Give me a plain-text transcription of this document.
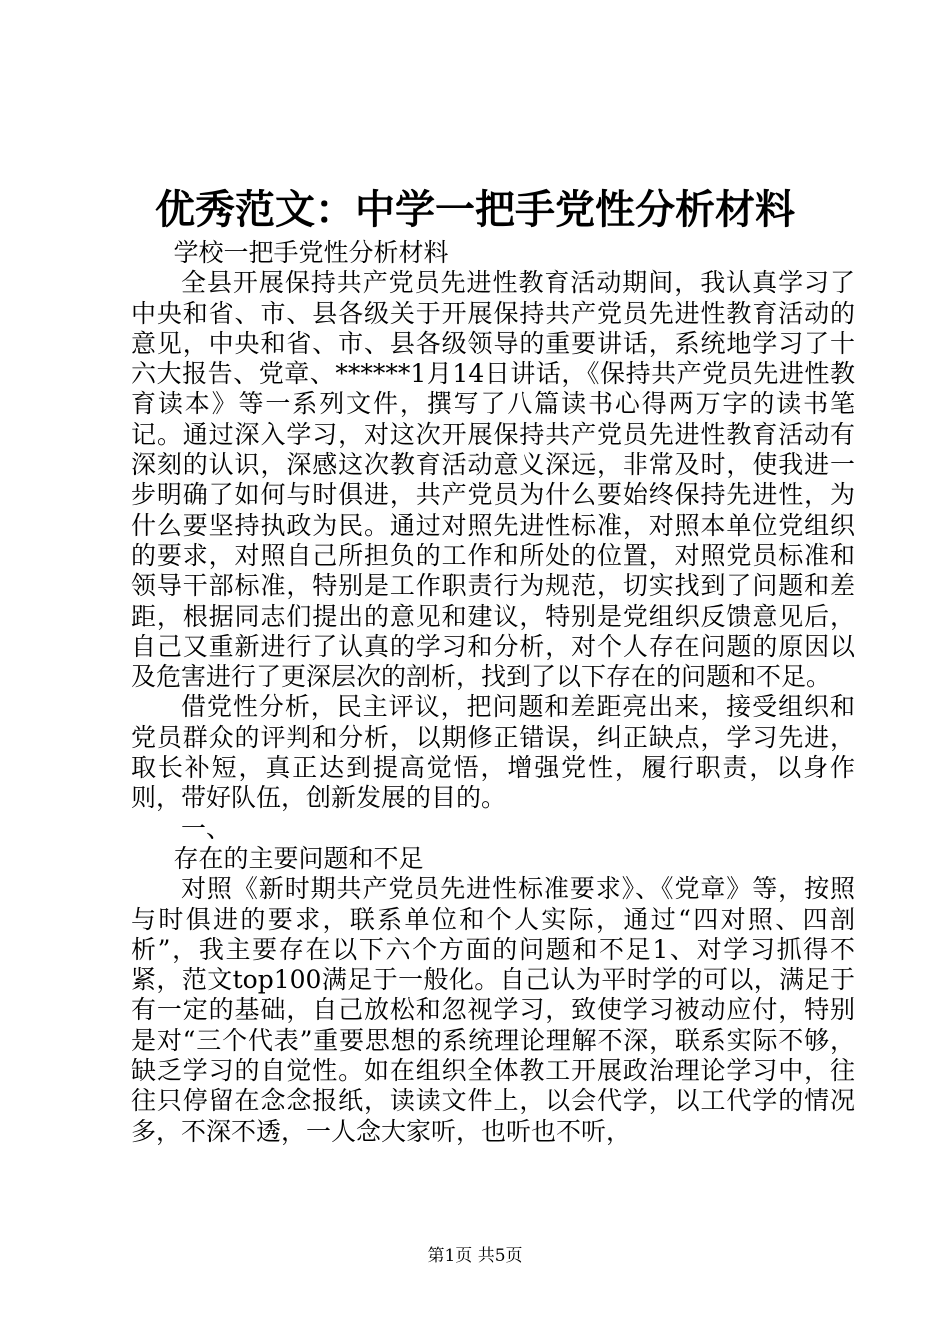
优秀范文：中学一把手党性分析材料

学校一把手党性分析材料

全县开展保持共产党员先进性教育活动期间，我认真学习了中央和省、市、县各级关于开展保持共产党员先进性教育活动的意见，中央和省、市、县各级领导的重要讲话，系统地学习了十六大报告、党章、******1月14日讲话，《保持共产党员先进性教育读本》等一系列文件，撰写了八篇读书心得两万字的读书笔记。通过深入学习，对这次开展保持共产党员先进性教育活动有深刻的认识，深感这次教育活动意义深远，非常及时，使我进一步明确了如何与时俱进，共产党员为什么要始终保持先进性，为什么要坚持执政为民。通过对照先进性标准，对照本单位党组织的要求，对照自己所担负的工作和所处的位置，对照党员标准和领导干部标准，特别是工作职责行为规范，切实找到了问题和差距，根据同志们提出的意见和建议，特别是党组织反馈意见后，自己又重新进行了认真的学习和分析，对个人存在问题的原因以及危害进行了更深层次的剖析，找到了以下存在的问题和不足。

借党性分析，民主评议，把问题和差距亮出来，接受组织和党员群众的评判和分析，以期修正错误，纠正缺点，学习先进，取长补短，真正达到提高觉悟，增强党性，履行职责，以身作则，带好队伍，创新发展的目的。

一、

存在的主要问题和不足

对照《新时期共产党员先进性标准要求》、《党章》等，按照与时俱进的要求，联系单位和个人实际，通过“四对照、四剖析”，我主要存在以下六个方面的问题和不足1、对学习抓得不紧，范文top100满足于一般化。自己认为平时学的可以，满足于有一定的基础，自己放松和忽视学习，致使学习被动应付，特别是对“三个代表”重要思想的系统理论理解不深，联系实际不够，缺乏学习的自觉性。如在组织全体教工开展政治理论学习中，往往只停留在念念报纸，读读文件上，以会代学，以工代学的情况多，不深不透，一人念大家听，也听也不听，

第1页 共5页
